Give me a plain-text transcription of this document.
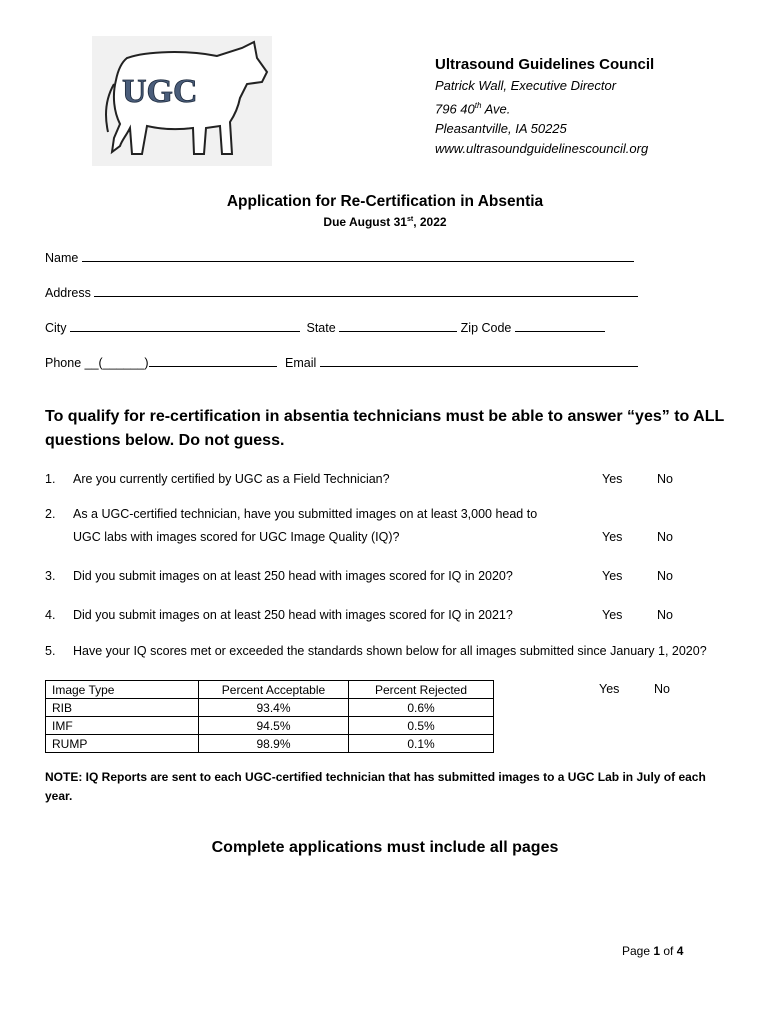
UGC
Ultrasound Guidelines Council
Patrick Wall, Executive Director
796 40th Ave.
Pleasantville, IA 50225
www.ultrasoundguidelinescouncil.org
Application for Re-Certification in Absentia
Due August 31st, 2022
Name
Address
City	State	Zip Code
Phone __(______)	Email
To qualify for re-certification in absentia technicians must be able to answer “yes” to ALL questions below. Do not guess.
1. Are you currently certified by UGC as a Field Technician?	Yes	No
2. As a UGC-certified technician, have you submitted images on at least 3,000 head to
UGC labs with images scored for UGC Image Quality (IQ)?	Yes	No
3. Did you submit images on at least 250 head with images scored for IQ in 2020?	Yes	No
4. Did you submit images on at least 250 head with images scored for IQ in 2021?	Yes	No
5. Have your IQ scores met or exceeded the standards shown below for all images submitted since January 1, 2020?
Yes	No
Image Type	Percent Acceptable	Percent Rejected
RIB	93.4%	0.6%
IMF	94.5%	0.5%
RUMP	98.9%	0.1%
NOTE: IQ Reports are sent to each UGC-certified technician that has submitted images to a UGC Lab in July of each year.
Complete applications must include all pages
Page 1 of 4
